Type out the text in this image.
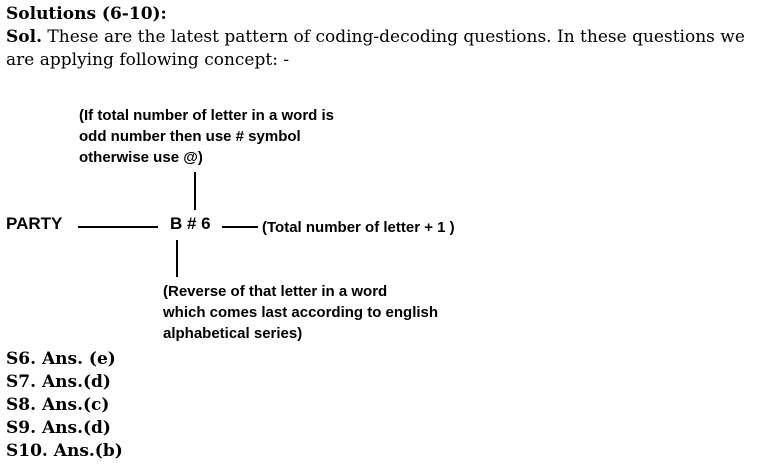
Solutions (6-10):
Sol. These are the latest pattern of coding-decoding questions. In these questions we are applying following concept: -
(If total number of letter in a word is
odd number then use # symbol
otherwise use @)
PARTY	B # 6	(Total number of letter + 1 )
(Reverse of that letter in a word
which comes last according to english
alphabetical series)
S6. Ans. (e)
S7. Ans.(d)
S8. Ans.(c)
S9. Ans.(d)
S10. Ans.(b)
